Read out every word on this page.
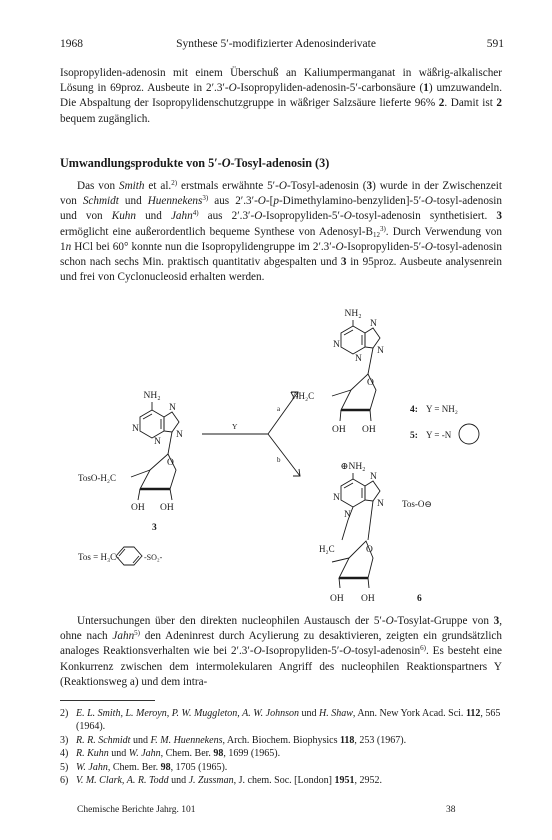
1968	Synthese 5′-modifizierter Adenosinderivate	591

Isopropyliden-adenosin mit einem Überschuß an Kaliumpermanganat in wäßrig-alkalischer Lösung in 69proz. Ausbeute in 2′.3′-O-Isopropyliden-adenosin-5′-carbonsäure (1) umzuwandeln. Die Abspaltung der Isopropylidenschutzgruppe in wäßriger Salzsäure lieferte 96% 2. Damit ist 2 bequem zugänglich.

Umwandlungsprodukte von 5′-O-Tosyl-adenosin (3)

Das von Smith et al.$^{2)}$ erstmals erwähnte 5′-O-Tosyl-adenosin (3) wurde in der Zwischenzeit von Schmidt und Huennekens$^{3)}$ aus 2′.3′-O-[p-Dimethylamino-benzyliden]-5′-O-tosyl-adenosin und von Kuhn und Jahn$^{4)}$ aus 2′.3′-O-Isopropyliden-5′-O-tosyl-adenosin synthetisiert. 3 ermöglicht eine außerordentlich bequeme Synthese von Adenosyl-$B_{12}^{3)}$. Durch Verwendung von 1n HCl bei 60° konnte nun die Isopropylidengruppe im 2′.3′-O-Isopropyliden-5′-O-tosyl-adenosin schon nach sechs Min. praktisch quantitativ abgespalten und 3 in 95proz. Ausbeute analysenrein und frei von Cyclonucleosid erhalten werden.

NH₂
N
N
N
N
O
TosO-H₂C
OH OH
3
Tos = H₃C-	-SO₂-
Y
a
b
NH₂
N
N
N
N
O
Y-H₂C
OH OH
4: Y = NH₂
5: Y = -N
⊕NH₂
N
N
N
N
O
H₂C
Tos-O⊖
OH OH	6

Untersuchungen über den direkten nucleophilen Austausch der 5′-O-Tosylat-Gruppe von 3, ohne nach Jahn$^{5)}$ den Adeninrest durch Acylierung zu desaktivieren, zeigten ein grundsätzlich analoges Reaktionsverhalten wie bei 2′.3′-O-Isopropyliden-5′-O-tosyl-adenosin$^{6)}$. Es besteht eine Konkurrenz zwischen dem intermolekularen Angriff des nucleophilen Reaktionspartners Y (Reaktionsweg a) und dem intra-

2) E. L. Smith, L. Meroyn, P. W. Muggleton, A. W. Johnson und H. Shaw, Ann. New York Acad. Sci. 112, 565 (1964).
3) R. R. Schmidt und F. M. Huennekens, Arch. Biochem. Biophysics 118, 253 (1967).
4) R. Kuhn und W. Jahn, Chem. Ber. 98, 1699 (1965).
5) W. Jahn, Chem. Ber. 98, 1705 (1965).
6) V. M. Clark, A. R. Todd und J. Zussman, J. chem. Soc. [London] 1951, 2952.
Chemische Berichte Jahrg. 101	38
